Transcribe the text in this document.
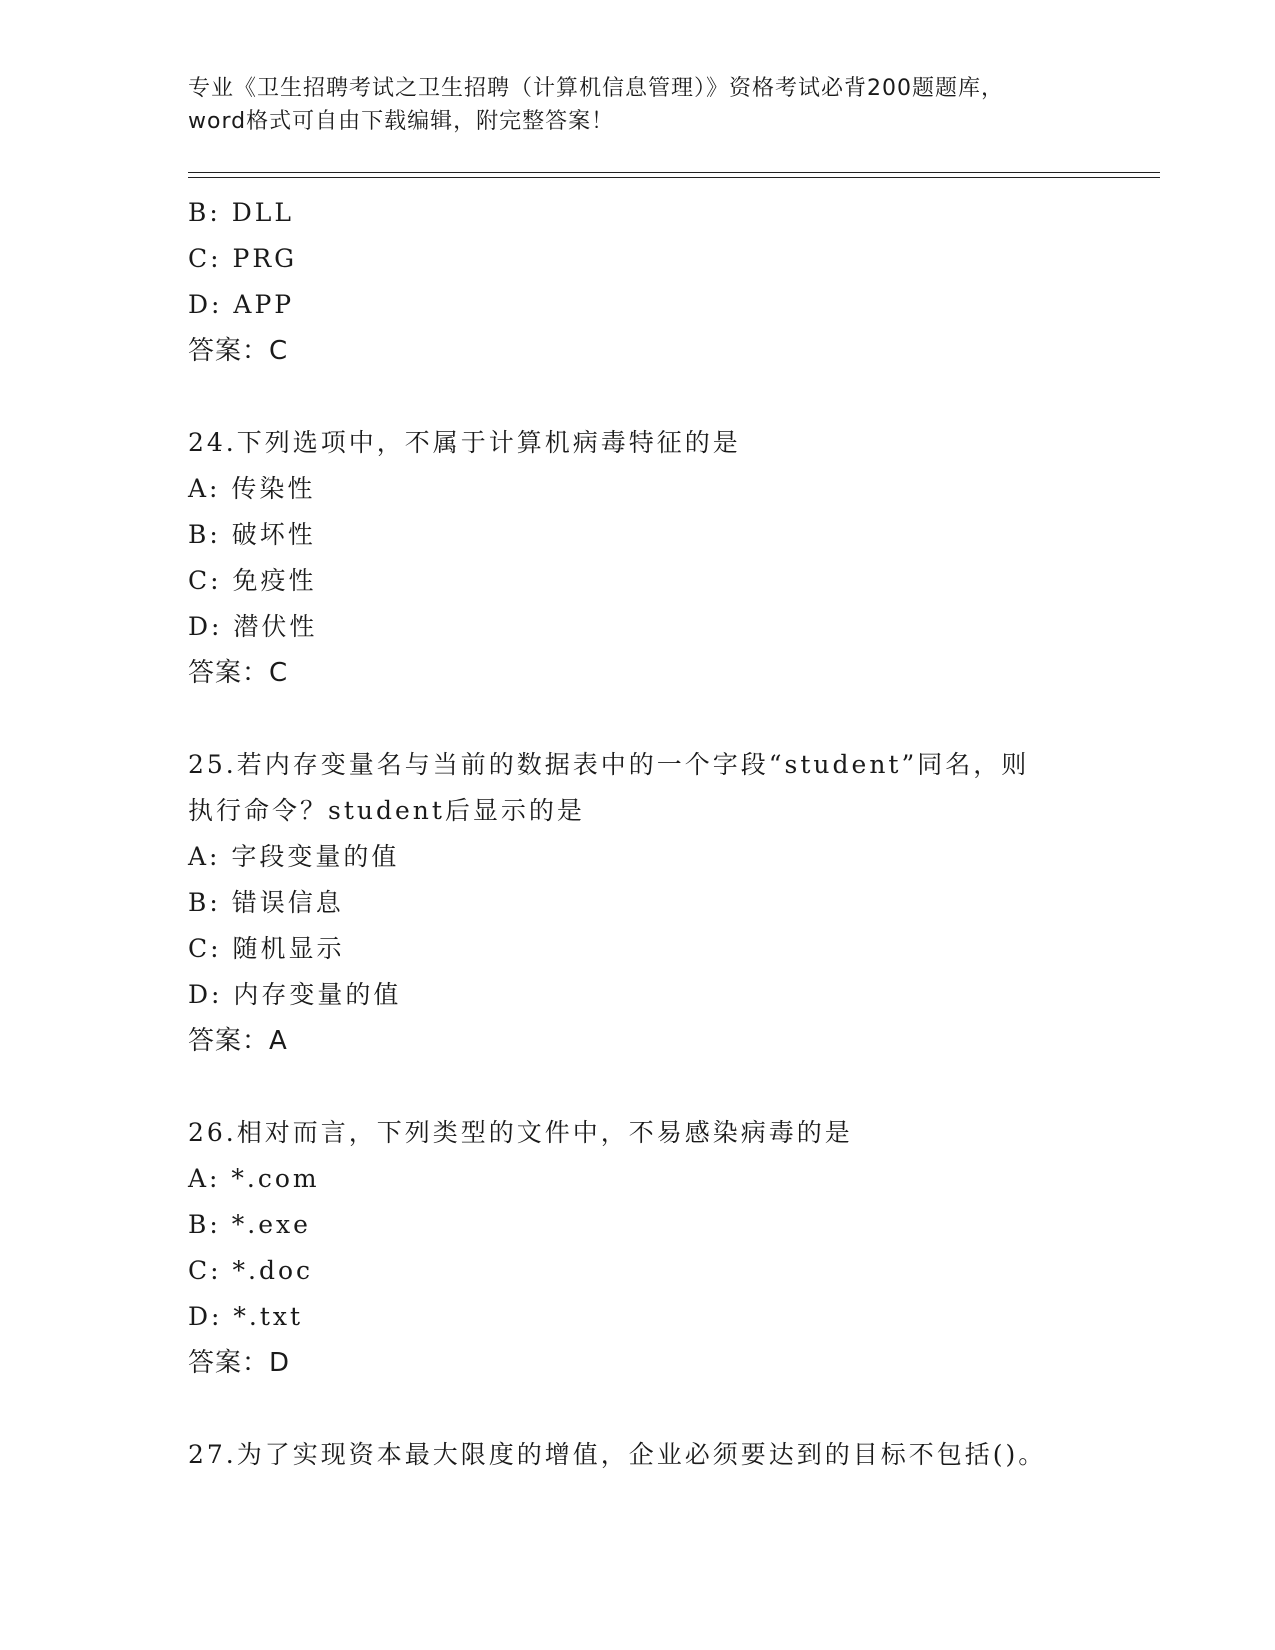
专业《卫生招聘考试之卫生招聘（计算机信息管理）》资格考试必背200题题库，
word格式可自由下载编辑，附完整答案！
B: DLL
C: PRG
D: APP
答案：C
24.下列选项中，不属于计算机病毒特征的是
A: 传染性
B: 破坏性
C: 免疫性
D: 潜伏性
答案：C
25.若内存变量名与当前的数据表中的一个字段“student”同名，则
执行命令？student后显示的是
A: 字段变量的值
B: 错误信息
C: 随机显示
D: 内存变量的值
答案：A
26.相对而言，下列类型的文件中，不易感染病毒的是
A: *.com
B: *.exe
C: *.doc
D: *.txt
答案：D
27.为了实现资本最大限度的增值，企业必须要达到的目标不包括()。
